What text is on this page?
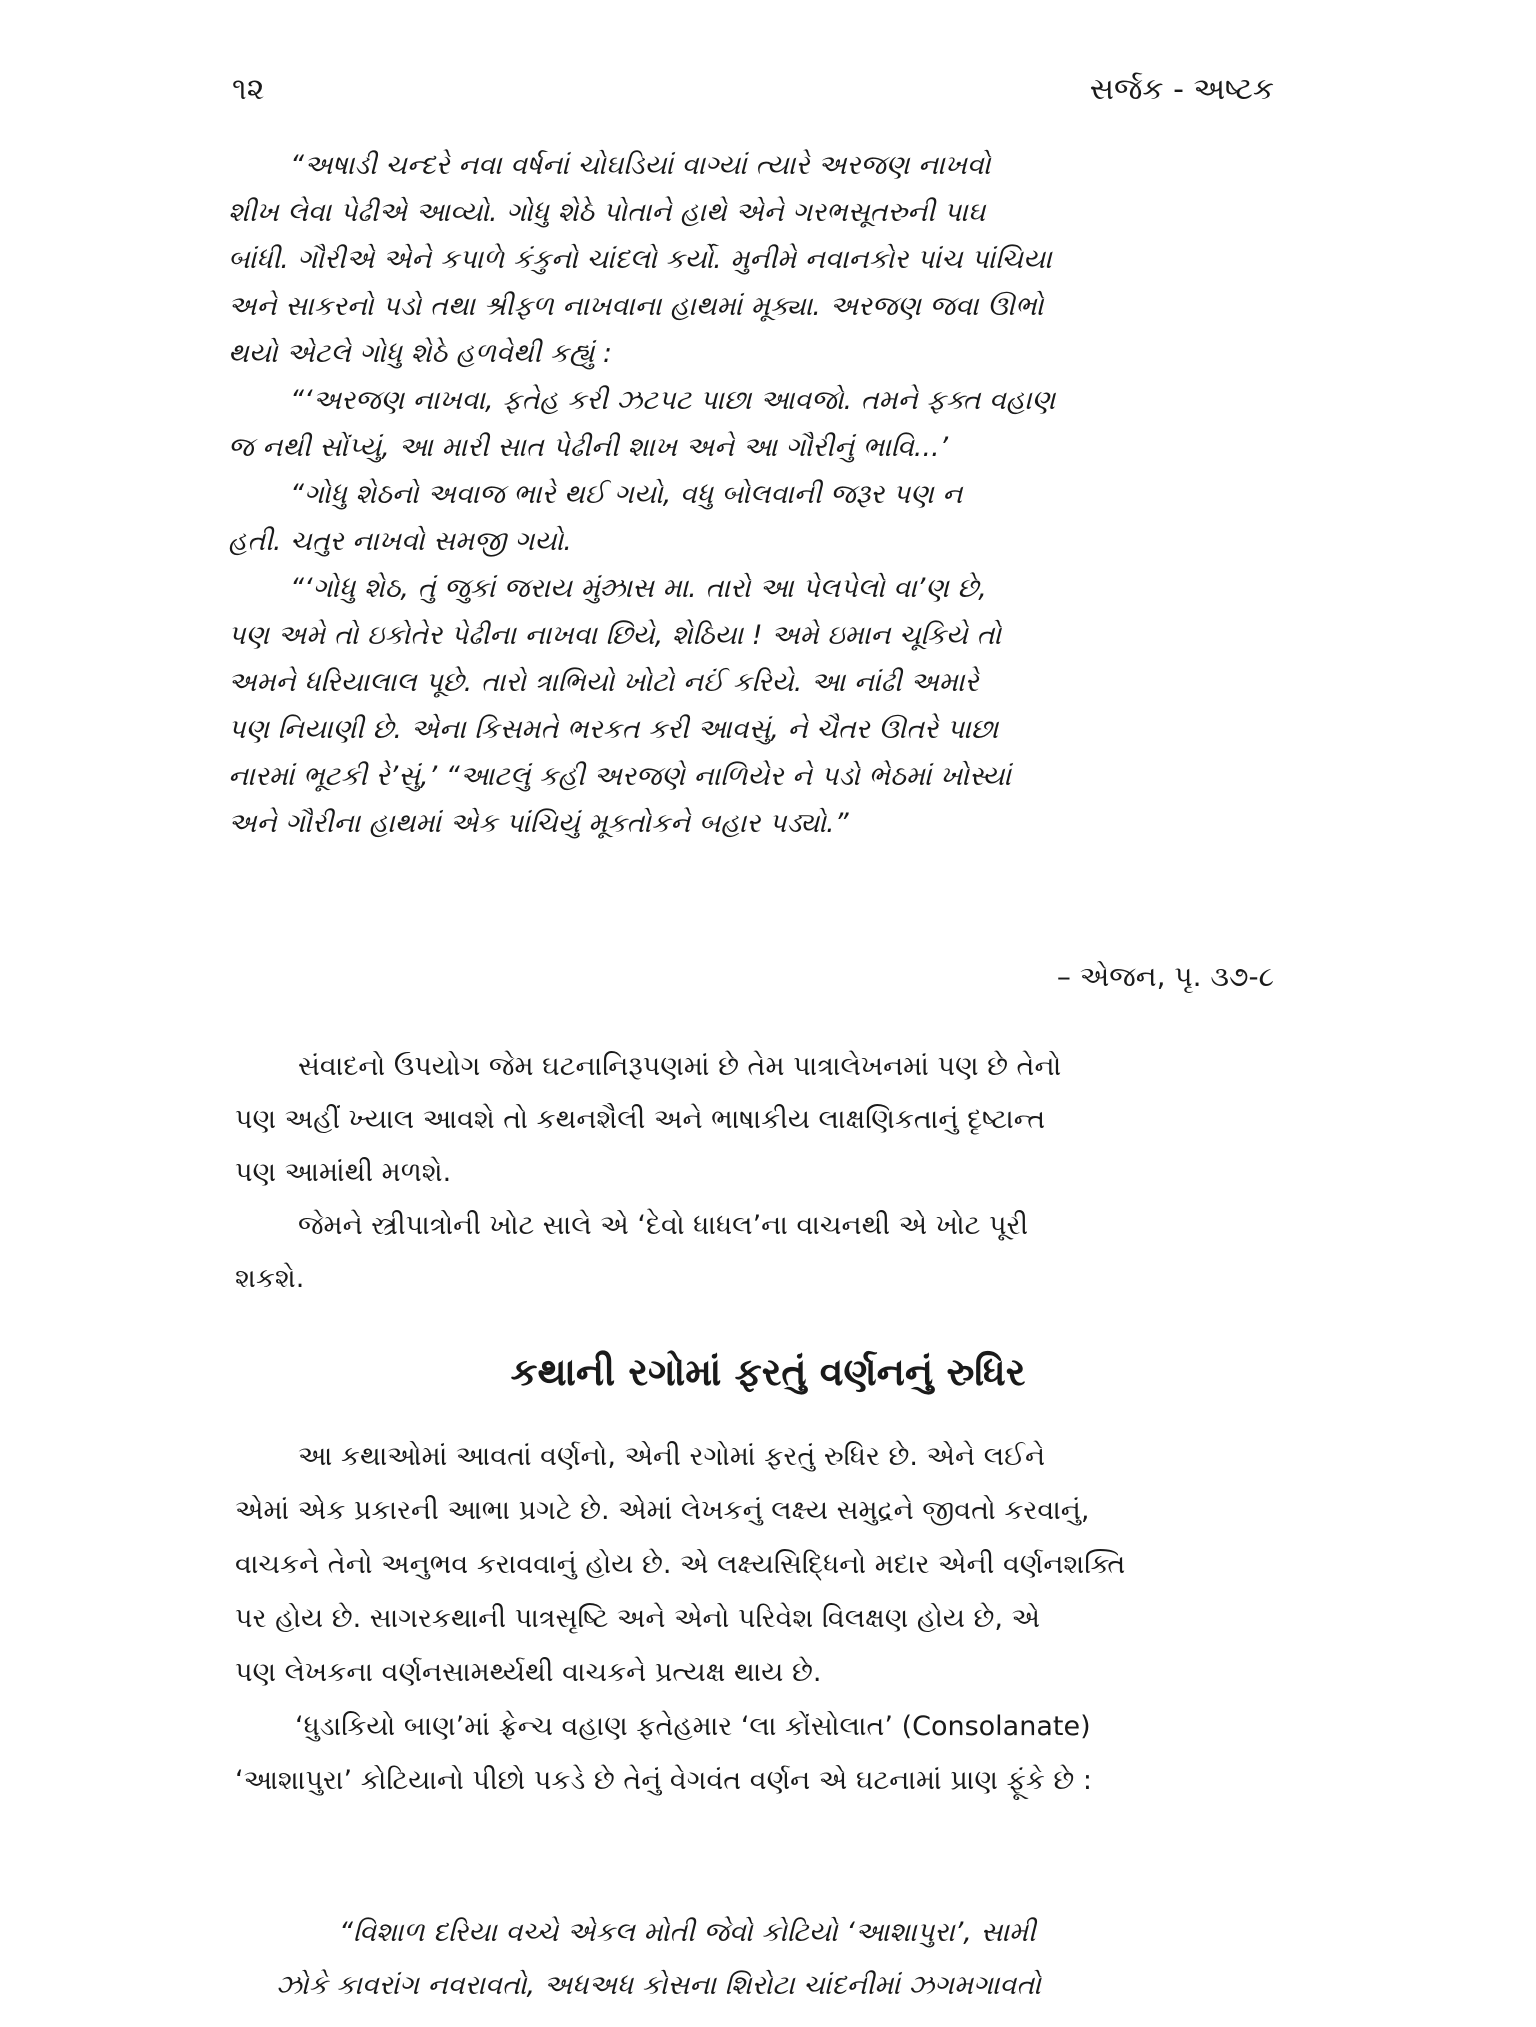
૧૨	સર્જક - અષ્ટક
“અષાડી ચન્દરે નવા વર્ષનાં ચોઘડિયાં વાગ્યાં ત્યારે અરજણ નાખવો
શીખ લેવા પેઢીએ આવ્યો. ગોધુ શેઠે પોતાને હાથે એને ગરભસૂતરુની પાઘ
બાંધી. ગૌરીએ એને કપાળે કંકુનો ચાંદલો કર્યો. મુનીમે નવાનકોર પાંચ પાંચિયા
અને સાકરનો પડો તથા શ્રીફળ નાખવાના હાથમાં મૂક્યા. અરજણ જવા ઊભો
થયો એટલે ગોધુ શેઠે હળવેથી કહ્યું :
“‘અરજણ નાખવા, ફતેહ કરી ઝટપટ પાછા આવજો. તમને ફક્ત વહાણ
જ નથી સોંપ્યું, આ મારી સાત પેઢીની શાખ અને આ ગૌરીનું ભાવિ...’
“ગોધુ શેઠનો અવાજ ભારે થઈ ગયો, વધુ બોલવાની જરૂર પણ ન
હતી. ચતુર નાખવો સમજી ગયો.
“‘ગોધુ શેઠ, તું જુકાં જરાય મુંઝ્રાસ મા. તારો આ પેલપેલો વા’ણ છે,
પણ અમે તો ઇકોતેર પેઢીના નાખવા છિયે, શેઠિયા ! અમે ઇમાન ચૂકિયે તો
અમને ધરિયાલાલ પૂછે. તારો ત્રાભિયો ખોટો નઈં કરિયે. આ નાંઢી અમારે
પણ નિયાણી છે. એના કિસમતે ભરકત કરી આવસું, ને ચૈતર ઊતરે પાછા
નારમાં ભૂટકી રે’સું,’ “આટલું કહી અરજણે નાળિયેર ને પડો ભેઠમાં ખોસ્યાં
અને ગૌરીના હાથમાં એક પાંચિયું મૂકતોકને બહાર પડ્યો.”
– એજન, પૃ. ૩૭-૮
સંવાદનો ઉપયોગ જેમ ઘટનાનિરૂપણમાં છે તેમ પાત્રાલેખનમાં પણ છે તેનો
પણ અહીં ખ્યાલ આવશે તો કથનશૈલી અને ભાષાકીય લાક્ષણિકતાનું દૃષ્ટાન્ત
પણ આમાંથી મળશે.
જેમને સ્ત્રીપાત્રોની ખોટ સાલે એ ‘દેવો ધાધલ’ના વાચનથી એ ખોટ પૂરી
શકશે.
કથાની રગોમાં ફરતું વર્ણનનું રુધિર
આ કથાઓમાં આવતાં વર્ણનો, એની રગોમાં ફરતું રુધિર છે. એને લઈને
એમાં એક પ્રકારની આભા પ્રગટે છે. એમાં લેખકનું લક્ષ્ય સમુદ્રને જીવતો કરવાનું,
વાચકને તેનો અનુભવ કરાવવાનું હોય છે. એ લક્ષ્યસિદ્ધિનો મદાર એની વર્ણનશક્તિ
પર હોય છે. સાગરકથાની પાત્રસૃષ્ટિ અને એનો પરિવેશ વિલક્ષણ હોય છે, એ
પણ લેખકના વર્ણનસામર્થ્યથી વાચકને પ્રત્યક્ષ થાય છે.
‘ધુડાકિયો બાણ’માં ફ્રેન્ચ વહાણ ફતેહમાર ‘લા કોંસોલાત’ (Consolanate)
‘આશાપુરા’ કોટિયાનો પીછો પકડે છે તેનું વેગવંત વર્ણન એ ઘટનામાં પ્રાણ ફૂંકે છે :
“વિશાળ દરિયા વચ્ચે એકલ મોતી જેવો કોટિયો ‘આશાપુરા’, સામી
ઝોકે કાવરાંગ નવરાવતો, અધઅધ કોસના શિરોટા ચાંદનીમાં ઝગમગાવતો
